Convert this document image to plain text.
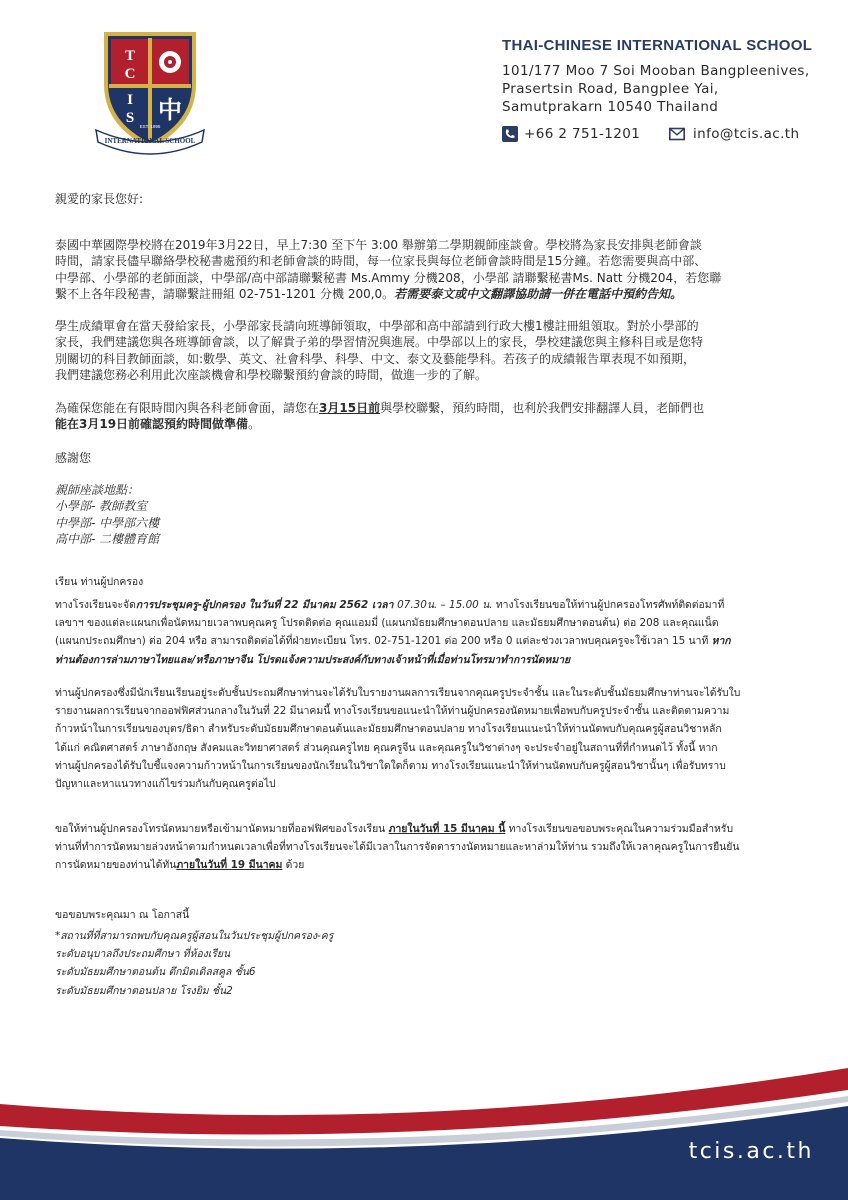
INTERNATIONAL SCHOOL
EST. 1995
T
C
I
S 中
THAI-CHINESE INTERNATIONAL SCHOOL
101/177 Moo 7 Soi Mooban Bangpleenives,
Prasertsin Road, Bangplee Yai,
Samutprakarn 10540 Thailand
+66 2 751-1201	info@tcis.ac.th
親愛的家長您好:
泰國中華國際學校將在2019年3月22日，早上7:30 至下午 3:00 舉辦第二學期親師座談會。學校將為家長安排與老師會談
時間，請家長儘早聯絡學校秘書處預約和老師會談的時間，每一位家長與每位老師會談時間是15分鐘。若您需要與高中部、
中學部、小學部的老師面談，中學部/高中部請聯繫秘書 Ms.Ammy 分機208，小學部 請聯繫秘書Ms. Natt 分機204，若您聯
繫不上各年段秘書，請聯繫註冊組 02-751-1201 分機 200,0。若需要泰文或中文翻譯協助請一併在電話中預約告知。
學生成績單會在當天發給家長，小學部家長請向班導師領取，中學部和高中部請到行政大樓1樓註冊組領取。對於小學部的
家長，我們建議您與各班導師會談，以了解貴子弟的學習情況與進展。中學部以上的家長，學校建議您與主修科目或是您特
別關切的科目教師面談，如:數學、英文、社會科學、科學、中文、泰文及藝能學科。若孩子的成績報告單表現不如預期，
我們建議您務必利用此次座談機會和學校聯繫預約會談的時間，做進一步的了解。
為確保您能在有限時間內與各科老師會面，請您在3月15日前與學校聯繫，預約時間，也利於我們安排翻譯人員，老師們也
能在3月19日前確認預約時間做準備。
感謝您
親師座談地點：
小學部- 教師教室
中學部- 中學部六樓
高中部- 二樓體育館
เรียน ท่านผู้ปกครอง
ทางโรงเรียนจะจัดการประชุมครู-ผู้ปกครอง ในวันที่ 22 มีนาคม 2562 เวลา 07.30น. – 15.00 น. ทางโรงเรียนขอให้ท่านผู้ปกครองโทรศัพท์ติดต่อมาที่
เลขาฯ ของแต่ละแผนกเพื่อนัดหมายเวลาพบคุณครู โปรดติดต่อ คุณแอมมี่ (แผนกมัธยมศึกษาตอนปลาย และมัธยมศึกษาตอนต้น) ต่อ 208 และคุณแน็ต
(แผนกประถมศึกษา) ต่อ 204 หรือ สามารถติดต่อได้ที่ฝ่ายทะเบียน โทร. 02-751-1201 ต่อ 200 หรือ 0 แต่ละช่วงเวลาพบคุณครูจะใช้เวลา 15 นาที หาก
ท่านต้องการล่ามภาษาไทยและ/หรือภาษาจีน โปรดแจ้งความประสงค์กับทางเจ้าหน้าที่เมื่อท่านโทรมาทำการนัดหมาย
ท่านผู้ปกครองซึ่งมีนักเรียนเรียนอยู่ระดับชั้นประถมศึกษาท่านจะได้รับใบรายงานผลการเรียนจากคุณครูประจำชั้น และในระดับชั้นมัธยมศึกษาท่านจะได้รับใบ
รายงานผลการเรียนจากออฟฟิศส่วนกลางในวันที่ 22 มีนาคมนี้ ทางโรงเรียนขอแนะนำให้ท่านผู้ปกครองนัดหมายเพื่อพบกับครูประจำชั้น และติดตามความ
ก้าวหน้าในการเรียนของบุตร/ธิดา สำหรับระดับมัธยมศึกษาตอนต้นและมัธยมศึกษาตอนปลาย ทางโรงเรียนแนะนำให้ท่านนัดพบกับคุณครูผู้สอนวิชาหลัก
ได้แก่ คณิตศาสตร์ ภาษาอังกฤษ สังคมและวิทยาศาสตร์ ส่วนคุณครูไทย คุณครูจีน และคุณครูในวิชาต่างๆ จะประจำอยู่ในสถานที่ที่กำหนดไว้ ทั้งนี้ หาก
ท่านผู้ปกครองได้รับใบชี้แจงความก้าวหน้าในการเรียนของนักเรียนในวิชาใดใดก็ตาม ทางโรงเรียนแนะนำให้ท่านนัดพบกับครูผู้สอนวิชานั้นๆ เพื่อรับทราบ
ปัญหาและหาแนวทางแก้ไขร่วมกันกับคุณครูต่อไป
ขอให้ท่านผู้ปกครองโทรนัดหมายหรือเข้ามานัดหมายที่ออฟฟิศของโรงเรียน ภายในวันที่ 15 มีนาคม นี้ ทางโรงเรียนขอขอบพระคุณในความร่วมมือสำหรับ
ท่านที่ทำการนัดหมายล่วงหน้าตามกำหนดเวลาเพื่อที่ทางโรงเรียนจะได้มีเวลาในการจัดตารางนัดหมายและหาล่ามให้ท่าน รวมถึงให้เวลาคุณครูในการยืนยัน
การนัดหมายของท่านได้ทันภายในวันที่ 19 มีนาคม ด้วย
ขอขอบพระคุณมา ณ โอกาสนี้
*สถานที่ที่สามารถพบกับคุณครูผู้สอนในวันประชุมผู้ปกครอง-ครู
ระดับอนุบาลถึงประถมศึกษา ที่ห้องเรียน
ระดับมัธยมศึกษาตอนต้น ตึกมิดเดิลสคูล ชั้น6
ระดับมัธยมศึกษาตอนปลาย โรงยิม ชั้น2
tcis.ac.th
